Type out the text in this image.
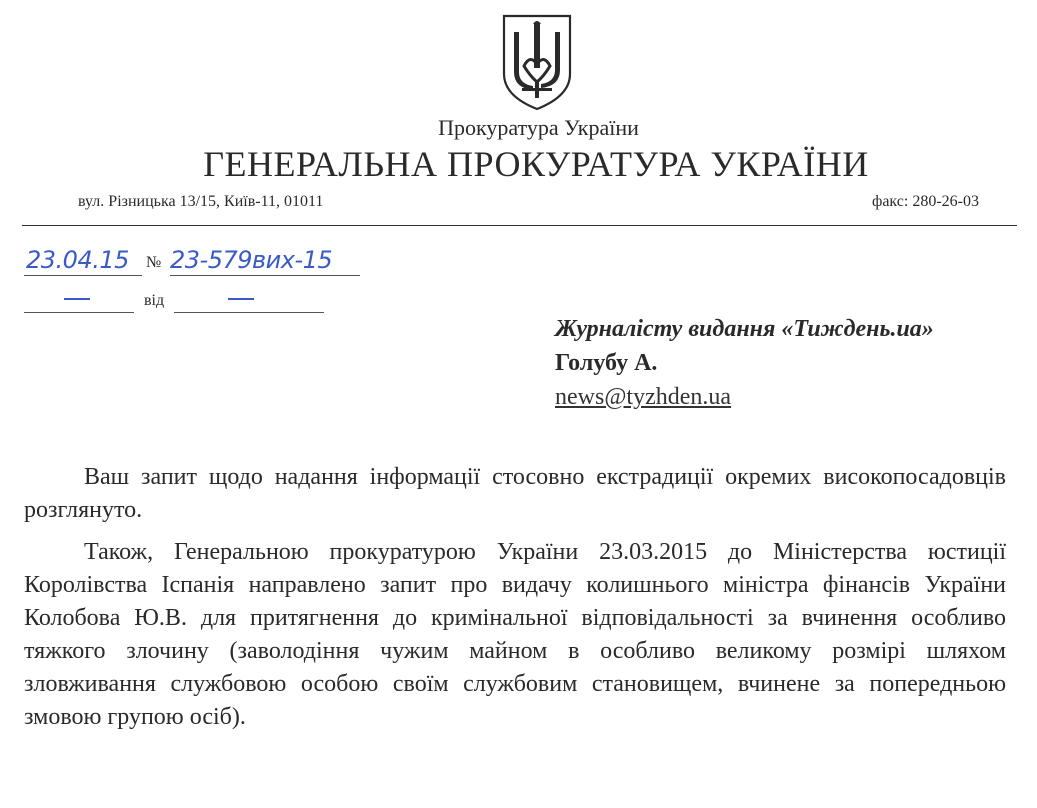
Прокуратура України
ГЕНЕРАЛЬНА ПРОКУРАТУРА УКРАЇНИ
вул. Різницька 13/15, Київ-11, 01011	факс: 280-26-03
23.04.15 № 23-579вих-15
від
Журналісту видання «Тиждень.ua»
Голубу А.
news@tyzhden.ua
Ваш запит щодо надання інформації стосовно екстрадиції окремих високопосадовців розглянуто.
Також, Генеральною прокуратурою України 23.03.2015 до Міністерства юстиції Королівства Іспанія направлено запит про видачу колишнього міністра фінансів України Колобова Ю.В. для притягнення до кримінальної відповідальності за вчинення особливо тяжкого злочину (заволодіння чужим майном в особливо великому розмірі шляхом зловживання службовою особою своїм службовим становищем, вчинене за попередньою змовою групою осіб).
